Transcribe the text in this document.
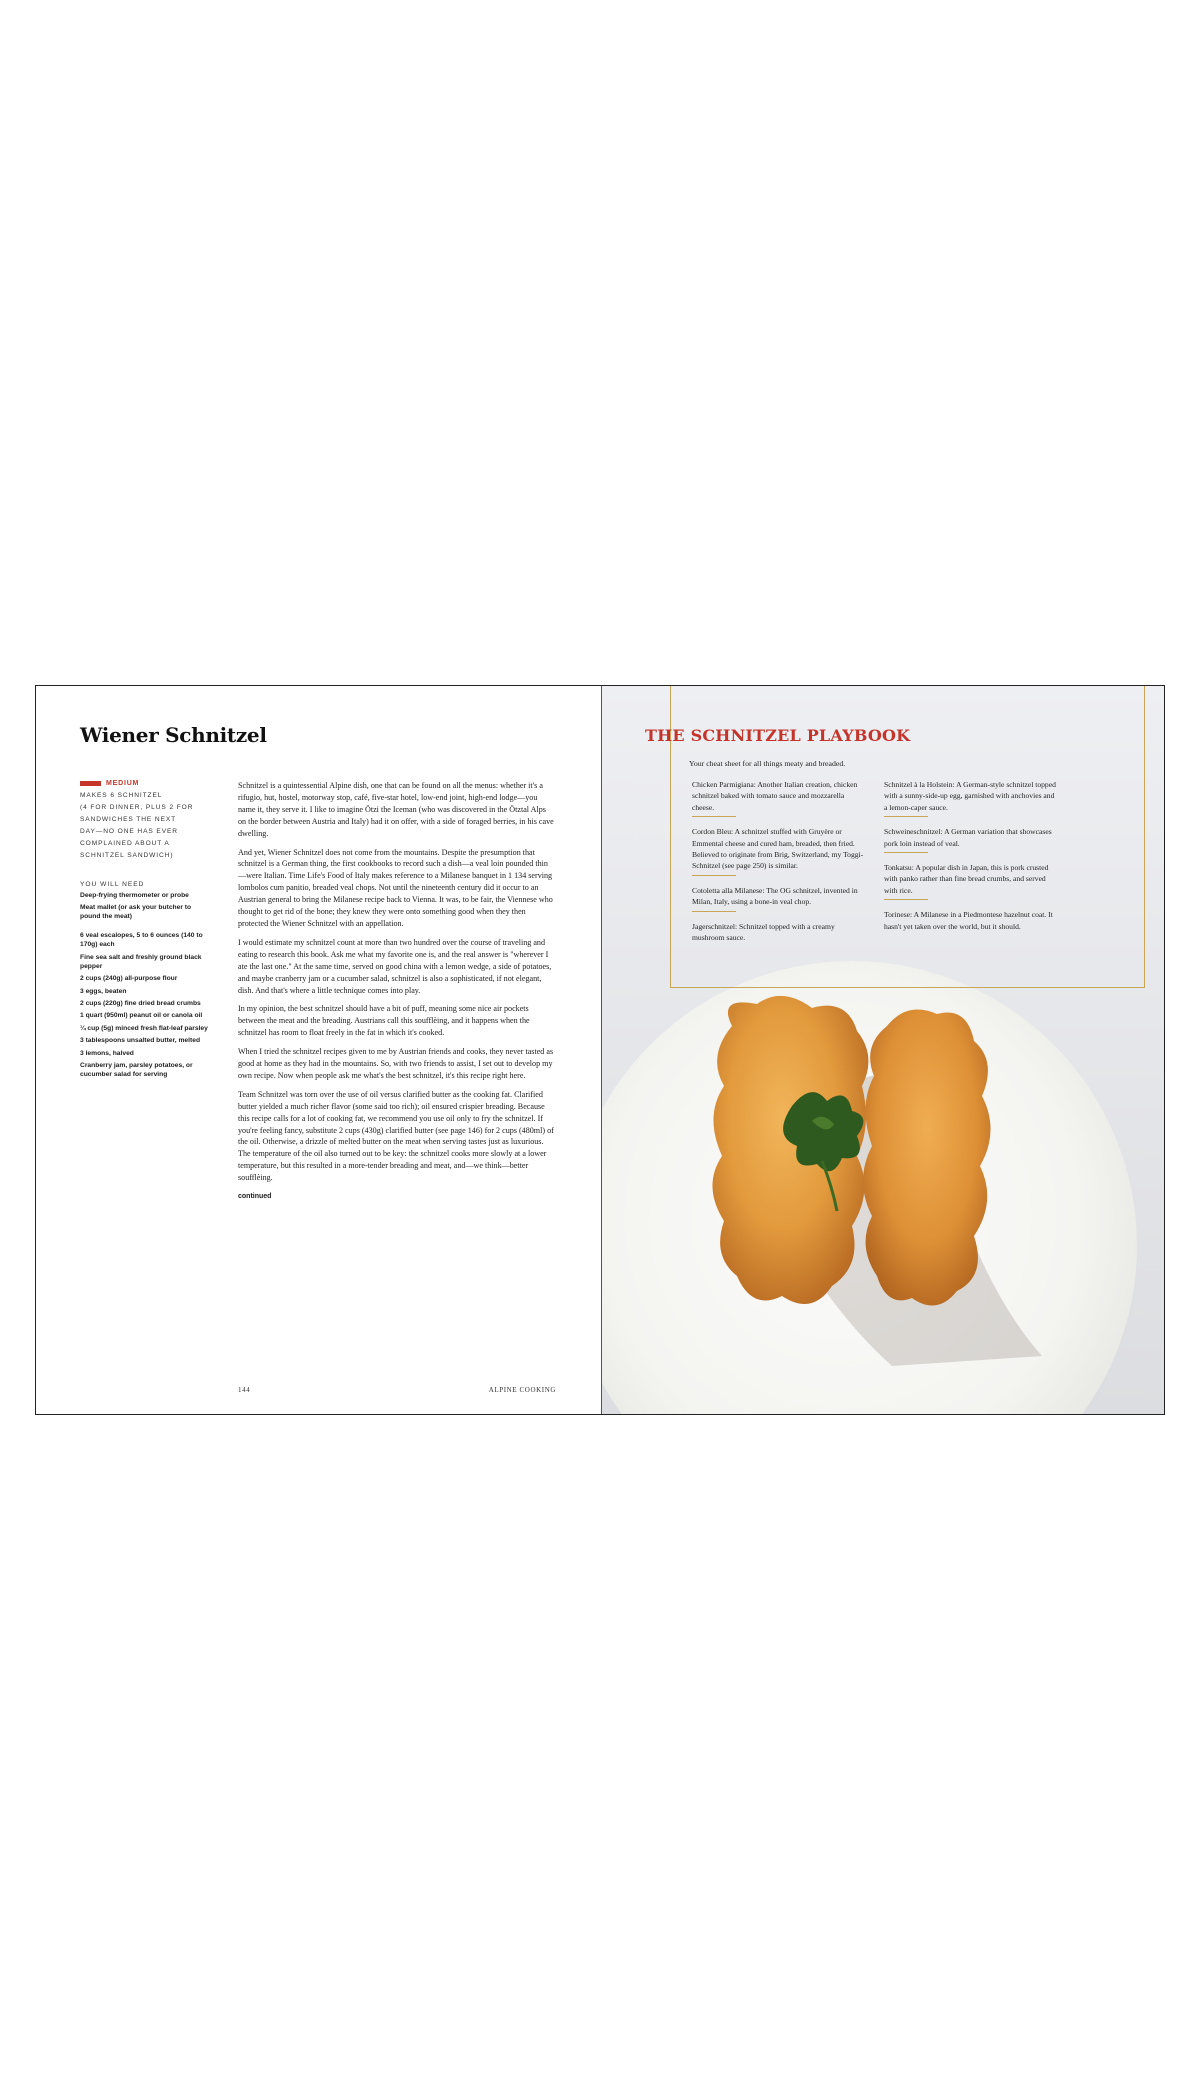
Wiener Schnitzel
MEDIUM
MAKES 6 SCHNITZEL
(4 FOR DINNER, PLUS 2 FOR
SANDWICHES THE NEXT
DAY—NO ONE HAS EVER
COMPLAINED ABOUT A
SCHNITZEL SANDWICH)
YOU WILL NEED
Deep-frying thermometer or probe
Meat mallet (or ask your butcher to pound the meat)
6 veal escalopes, 5 to 6 ounces (140 to 170g) each
Fine sea salt and freshly ground black pepper
2 cups (240g) all-purpose flour
3 eggs, beaten
2 cups (220g) fine dried bread crumbs
1 quart (950ml) peanut oil or canola oil
¼ cup (5g) minced fresh flat-leaf parsley
3 tablespoons unsalted butter, melted
3 lemons, halved
Cranberry jam, parsley potatoes, or cucumber salad for serving

Schnitzel is a quintessential Alpine dish, one that can be found on all the menus: whether it's a rifugio, hut, hostel, motorway stop, café, five-star hotel, low-end joint, high-end lodge—you name it, they serve it. I like to imagine Ötzi the Iceman (who was discovered in the Ötztal Alps on the border between Austria and Italy) had it on offer, with a side of foraged berries, in his cave dwelling.

And yet, Wiener Schnitzel does not come from the mountains. Despite the presumption that schnitzel is a German thing, the first cookbooks to record such a dish—a veal loin pounded thin—were Italian. Time Life's Food of Italy makes reference to a Milanese banquet in 1 134 serving lombolos cum panitio, breaded veal chops. Not until the nineteenth century did it occur to an Austrian general to bring the Milanese recipe back to Vienna. It was, to be fair, the Viennese who thought to get rid of the bone; they knew they were onto something good when they then protected the Wiener Schnitzel with an appellation.

I would estimate my schnitzel count at more than two hundred over the course of traveling and eating to research this book. Ask me what my favorite one is, and the real answer is "wherever I ate the last one." At the same time, served on good china with a lemon wedge, a side of potatoes, and maybe cranberry jam or a cucumber salad, schnitzel is also a sophisticated, if not elegant, dish. And that's where a little technique comes into play.

In my opinion, the best schnitzel should have a bit of puff, meaning some nice air pockets between the meat and the breading. Austrians call this soufflèing, and it happens when the schnitzel has room to float freely in the fat in which it's cooked.

When I tried the schnitzel recipes given to me by Austrian friends and cooks, they never tasted as good at home as they had in the mountains. So, with two friends to assist, I set out to develop my own recipe. Now when people ask me what's the best schnitzel, it's this recipe right here.

Team Schnitzel was torn over the use of oil versus clarified butter as the cooking fat. Clarified butter yielded a much richer flavor (some said too rich); oil ensured crispier breading. Because this recipe calls for a lot of cooking fat, we recommend you use oil only to fry the schnitzel. If you're feeling fancy, substitute 2 cups (430g) clarified butter (see page 146) for 2 cups (480ml) of the oil. Otherwise, a drizzle of melted butter on the meat when serving tastes just as luxurious. The temperature of the oil also turned out to be key: the schnitzel cooks more slowly at a lower temperature, but this resulted in a more-tender breading and meat, and—we think—better soufflèing.

continued
144	ALPINE COOKING
THE SCHNITZEL PLAYBOOK
Your cheat sheet for all things meaty and breaded.
Chicken Parmigiana: Another Italian creation, chicken schnitzel baked with tomato sauce and mozzarella cheese.
Cordon Bleu: A schnitzel stuffed with Gruyère or Emmental cheese and cured ham, breaded, then fried. Believed to originate from Brig, Switzerland, my Toggi-Schnitzel (see page 250) is similar.
Cotoletta alla Milanese: The OG schnitzel, invented in Milan, Italy, using a bone-in veal chop.
Jagerschnitzel: Schnitzel topped with a creamy mushroom sauce.
Schnitzel à la Holstein: A German-style schnitzel topped with a sunny-side-up egg, garnished with anchovies and a lemon-caper sauce.
Schweineschnitzel: A German variation that showcases pork loin instead of veal.
Tonkatsu: A popular dish in Japan, this is pork crusted with panko rather than fine bread crumbs, and served with rice.
Torinese: A Milanese in a Piedmontese hazelnut coat. It hasn't yet taken over the world, but it should.
